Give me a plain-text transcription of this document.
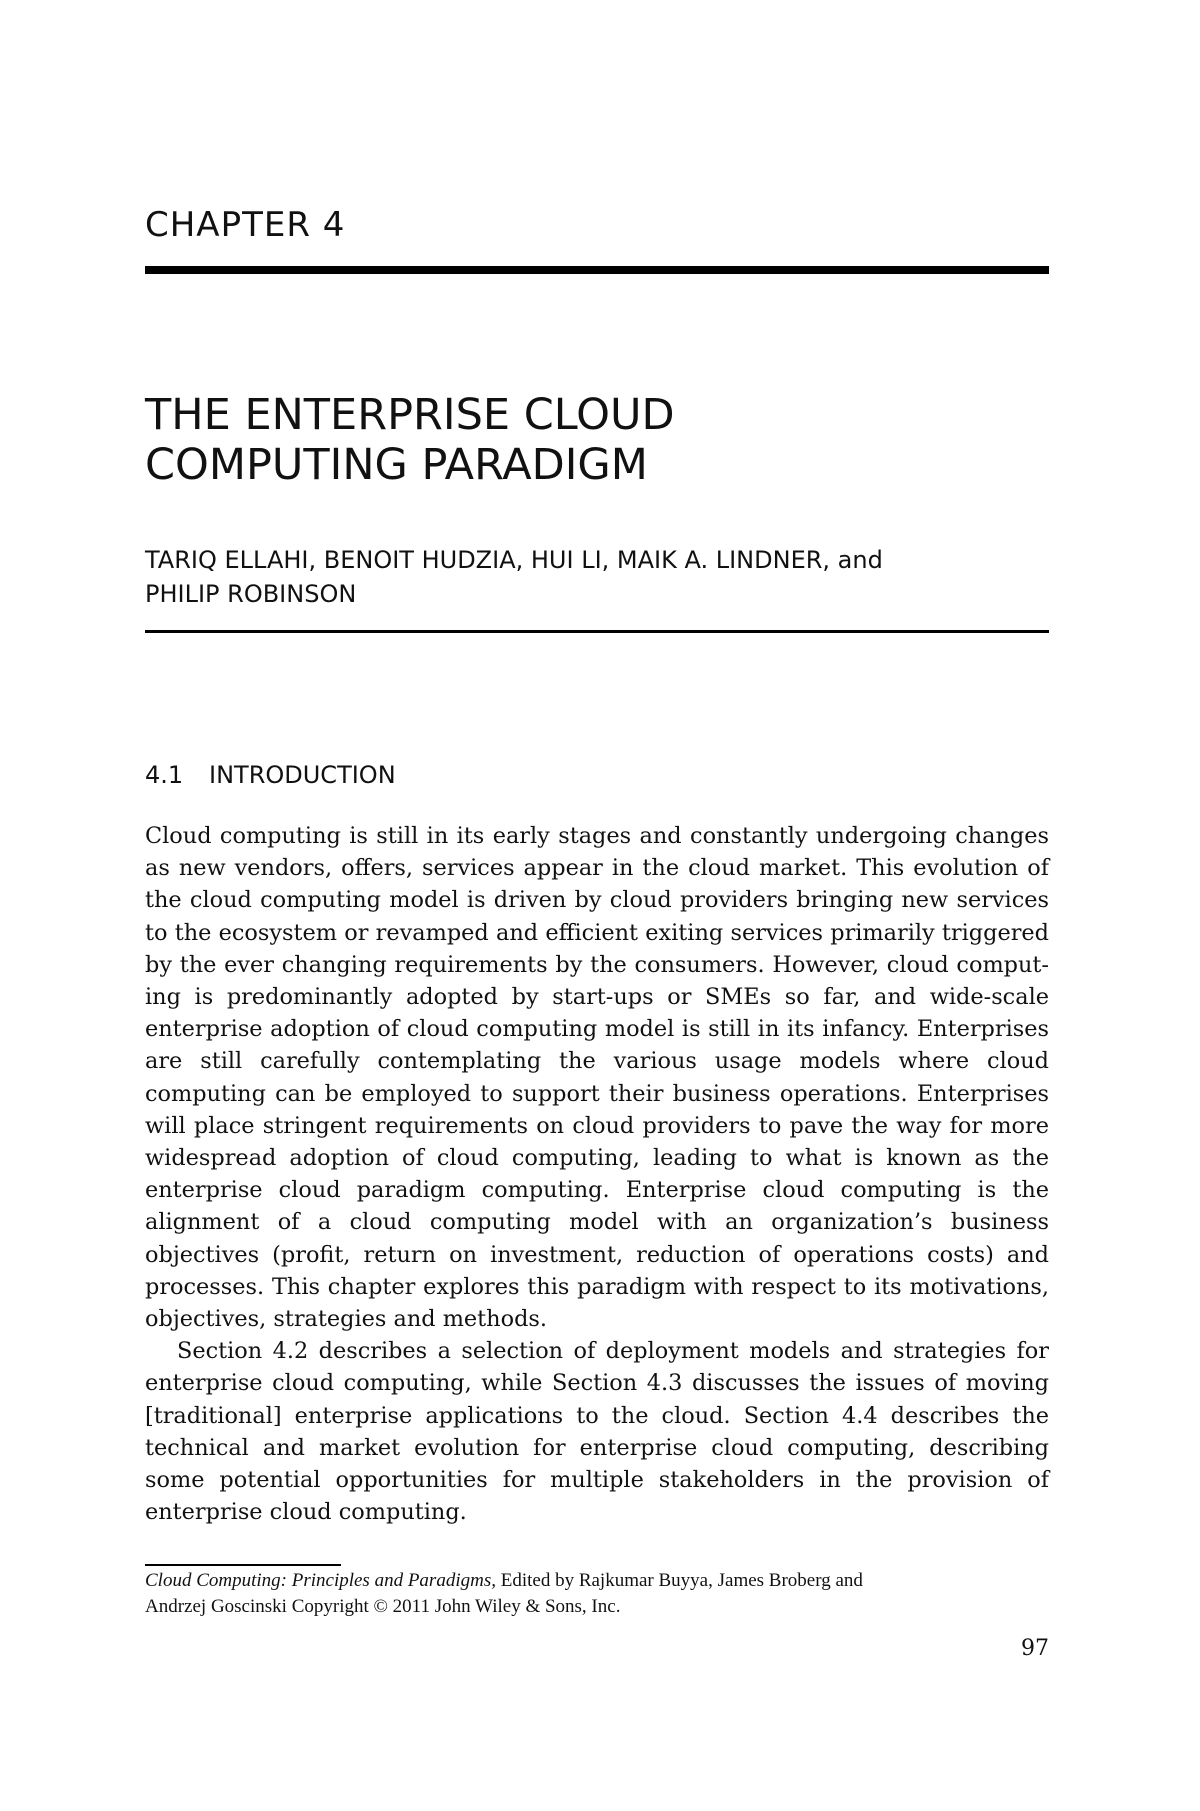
CHAPTER 4
THE ENTERPRISE CLOUD
COMPUTING PARADIGM
TARIQ ELLAHI, BENOIT HUDZIA, HUI LI, MAIK A. LINDNER, and
PHILIP ROBINSON
4.1 INTRODUCTION

Cloud computing is still in its early stages and constantly undergoing changes as new vendors, offers, services appear in the cloud market. This evolution of the cloud computing model is driven by cloud providers bringing new services to the ecosystem or revamped and efficient exiting services primarily triggered by the ever changing requirements by the consumers. However, cloud comput-ing is predominantly adopted by start-ups or SMEs so far, and wide-scale enterprise adoption of cloud computing model is still in its infancy. Enterprises are still carefully contemplating the various usage models where cloud computing can be employed to support their business operations. Enterprises will place stringent requirements on cloud providers to pave the way for more widespread adoption of cloud computing, leading to what is known as the enterprise cloud paradigm computing. Enterprise cloud computing is the alignment of a cloud computing model with an organization’s business objectives (profit, return on investment, reduction of operations costs) and processes. This chapter explores this paradigm with respect to its motivations, objectives, strategies and methods.

Section 4.2 describes a selection of deployment models and strategies for enterprise cloud computing, while Section 4.3 discusses the issues of moving [traditional] enterprise applications to the cloud. Section 4.4 describes the technical and market evolution for enterprise cloud computing, describing some potential opportunities for multiple stakeholders in the provision of enterprise cloud computing.

Cloud Computing: Principles and Paradigms, Edited by Rajkumar Buyya, James Broberg and
Andrzej Goscinski Copyright © 2011 John Wiley & Sons, Inc.
97
